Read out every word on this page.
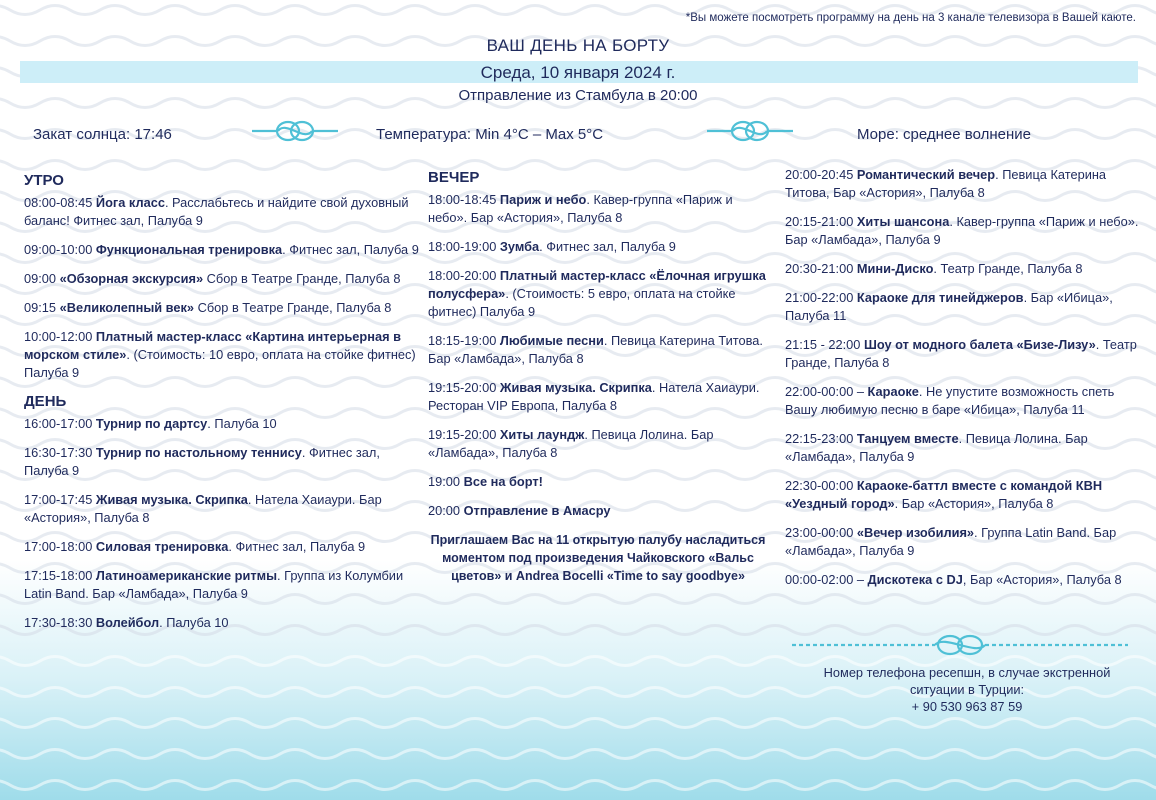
*Вы можете посмотреть программу на день на 3 канале телевизора в Вашей каюте.
ВАШ ДЕНЬ НА БОРТУ
Среда, 10 января 2024 г.
Отправление из Стамбула в 20:00
Закат солнца: 17:46	Температура: Min 4°C – Max 5°C	Море: среднее волнение
УТРО
08:00-08:45 Йога класс. Расслабьтесь и найдите свой духовный баланс! Фитнес зал, Палуба 9
09:00-10:00 Функциональная тренировка. Фитнес зал, Палуба 9
09:00 «Обзорная экскурсия» Сбор в Театре Гранде, Палуба 8
09:15 «Великолепный век» Сбор в Театре Гранде, Палуба 8
10:00-12:00 Платный мастер-класс «Картина интерьерная в морском стиле». (Стоимость: 10 евро, оплата на стойке фитнес) Палуба 9
ДЕНЬ
16:00-17:00 Турнир по дартсу. Палуба 10
16:30-17:30 Турнир по настольному теннису. Фитнес зал, Палуба 9
17:00-17:45 Живая музыка. Скрипка. Натела Хаиаури. Бар «Астория», Палуба 8
17:00-18:00 Силовая тренировка. Фитнес зал, Палуба 9
17:15-18:00 Латиноамериканские ритмы. Группа из Колумбии Latin Band. Бар «Ламбада», Палуба 9
17:30-18:30 Волейбол. Палуба 10
ВЕЧЕР
18:00-18:45 Париж и небо. Кавер-группа «Париж и небо». Бар «Астория», Палуба 8
18:00-19:00 Зумба. Фитнес зал, Палуба 9
18:00-20:00 Платный мастер-класс «Ёлочная игрушка полусфера». (Стоимость: 5 евро, оплата на стойке фитнес) Палуба 9
18:15-19:00 Любимые песни. Певица Катерина Титова. Бар «Ламбада», Палуба 8
19:15-20:00 Живая музыка. Скрипка. Натела Хаиаури. Ресторан VIP Европа, Палуба 8
19:15-20:00 Хиты лаундж. Певица Лолина. Бар «Ламбада», Палуба 8
19:00 Все на борт!
20:00 Отправление в Амасру
Приглашаем Вас на 11 открытую палубу насладиться моментом под произведения Чайковского «Вальс цветов» и Andrea Bocelli «Time to say goodbye»
20:00-20:45 Романтический вечер. Певица Катерина Титова, Бар «Астория», Палуба 8
20:15-21:00 Хиты шансона. Кавер-группа «Париж и небо». Бар «Ламбада», Палуба 9
20:30-21:00 Мини-Диско. Театр Гранде, Палуба 8
21:00-22:00 Караоке для тинейджеров. Бар «Ибица», Палуба 11
21:15 - 22:00 Шоу от модного балета «Бизе-Лизу». Театр Гранде, Палуба 8
22:00-00:00 – Караоке. Не упустите возможность спеть Вашу любимую песню в баре «Ибица», Палуба 11
22:15-23:00 Танцуем вместе. Певица Лолина. Бар «Ламбада», Палуба 9
22:30-00:00 Караоке-баттл вместе с командой КВН «Уездный город». Бар «Астория», Палуба 8
23:00-00:00 «Вечер изобилия». Группа Latin Band. Бар «Ламбада», Палуба 9
00:00-02:00 – Дискотека с DJ, Бар «Астория», Палуба 8
Номер телефона ресепшн, в случае экстренной
ситуации в Турции:
+ 90 530 963 87 59
